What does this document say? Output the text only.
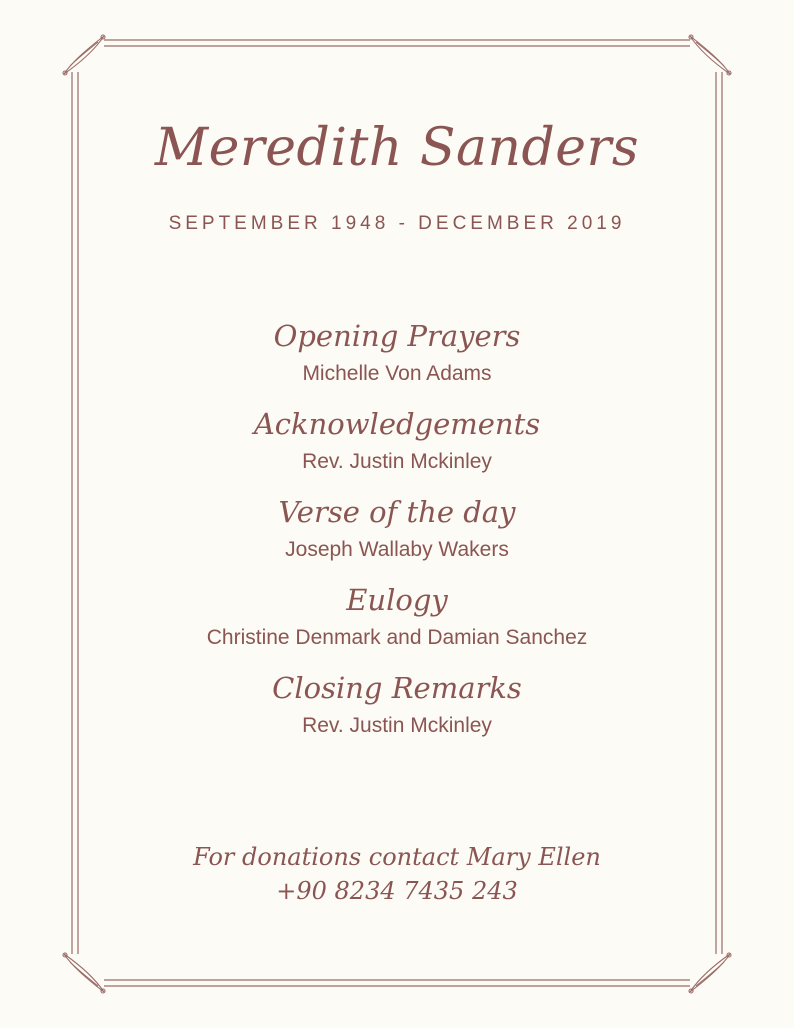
Meredith Sanders
SEPTEMBER 1948 - DECEMBER 2019
Opening Prayers
Michelle Von Adams
Acknowledgements
Rev. Justin Mckinley
Verse of the day
Joseph Wallaby Wakers
Eulogy
Christine Denmark and Damian Sanchez
Closing Remarks
Rev. Justin Mckinley
For donations contact Mary Ellen
+90 8234 7435 243
